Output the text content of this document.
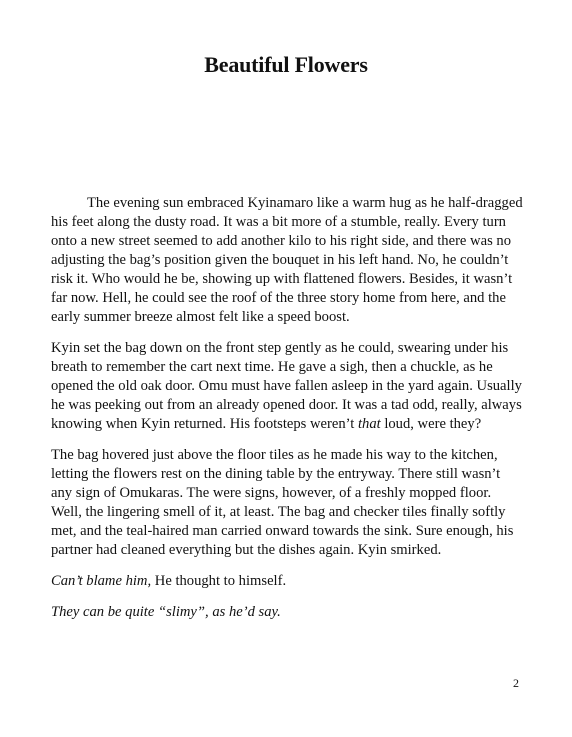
Beautiful Flowers

The evening sun embraced Kyinamaro like a warm hug as he half-dragged his feet along the dusty road. It was a bit more of a stumble, really. Every turn onto a new street seemed to add another kilo to his right side, and there was no adjusting the bag’s position given the bouquet in his left hand. No, he couldn’t risk it. Who would he be, showing up with flattened flowers. Besides, it wasn’t far now. Hell, he could see the roof of the three story home from here, and the early summer breeze almost felt like a speed boost.

Kyin set the bag down on the front step gently as he could, swearing under his breath to remember the cart next time. He gave a sigh, then a chuckle, as he opened the old oak door. Omu must have fallen asleep in the yard again. Usually he was peeking out from an already opened door. It was a tad odd, really, always knowing when Kyin returned. His footsteps weren’t that loud, were they?

The bag hovered just above the floor tiles as he made his way to the kitchen, letting the flowers rest on the dining table by the entryway. There still wasn’t any sign of Omukaras. The were signs, however, of a freshly mopped floor. Well, the lingering smell of it, at least. The bag and checker tiles finally softly met, and the teal-haired man carried onward towards the sink. Sure enough, his partner had cleaned everything but the dishes again. Kyin smirked.

Can’t blame him, He thought to himself.

They can be quite “slimy”, as he’d say.

2
